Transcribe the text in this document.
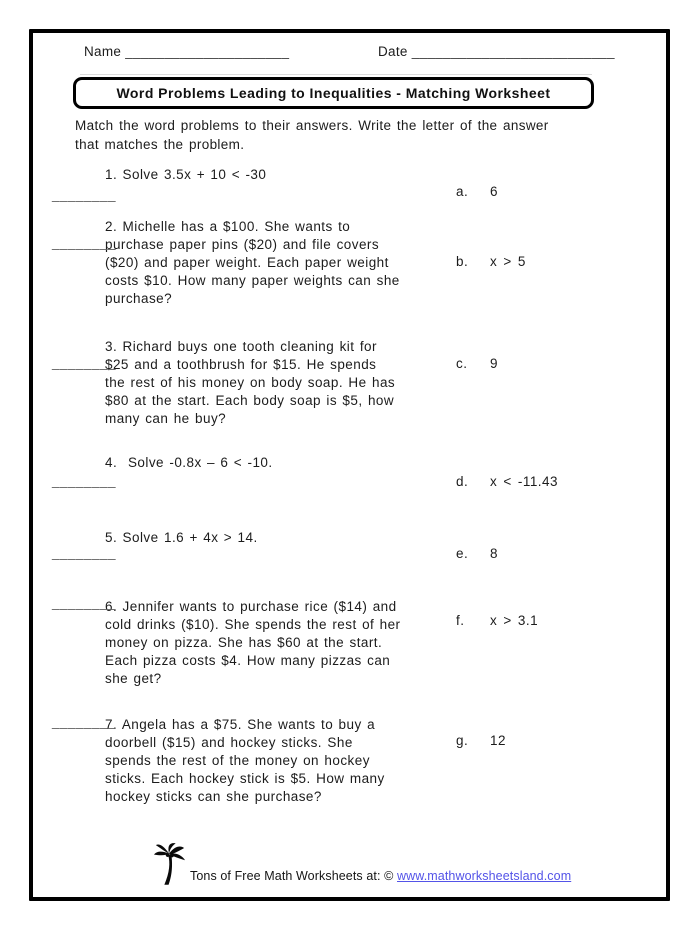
Name _____________________	Date __________________________
Word Problems Leading to Inequalities - Matching Worksheet
Match the word problems to their answers. Write the letter of the answer
that matches the problem.
1. Solve 3.5x + 10 < -30
________
2. Michelle has a $100. She wants to
purchase paper pins ($20) and file covers
($20) and paper weight. Each paper weight
costs $10. How many paper weights can she
purchase?
________
3. Richard buys one tooth cleaning kit for
$25 and a toothbrush for $15. He spends
the rest of his money on body soap. He has
$80 at the start. Each body soap is $5, how
many can he buy?
________
4.  Solve -0.8x – 6 < -10.
________
5. Solve 1.6 + 4x > 14.
________
6. Jennifer wants to purchase rice ($14) and
cold drinks ($10). She spends the rest of her
money on pizza. She has $60 at the start.
Each pizza costs $4. How many pizzas can
she get?
________
7. Angela has a $75. She wants to buy a
doorbell ($15) and hockey sticks. She
spends the rest of the money on hockey
sticks. Each hockey stick is $5. How many
hockey sticks can she purchase?
________
a. 6
b. x > 5
c. 9
d. x < -11.43
e. 8
f. x > 3.1
g. 12
Tons of Free Math Worksheets at: © www.mathworksheetsland.com
